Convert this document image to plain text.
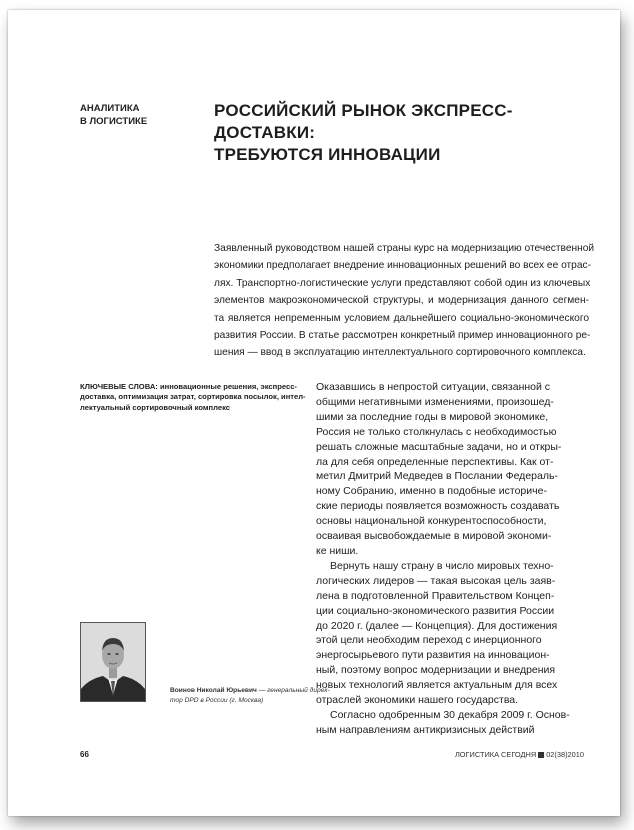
АНАЛИТИКА
В ЛОГИСТИКЕ
РОССИЙСКИЙ РЫНОК ЭКСПРЕСС-ДОСТАВКИ:
ТРЕБУЮТСЯ ИННОВАЦИИ
Заявленный руководством нашей страны курс на модернизацию отечественной
экономики предполагает внедрение инновационных решений во всех ее отрас-
лях. Транспортно-логистические услуги представляют собой один из ключевых
элементов макроэкономической структуры, и модернизация данного сегмен-
та является непременным условием дальнейшего социально-экономического
развития России. В статье рассмотрен конкретный пример инновационного ре-
шения — ввод в эксплуатацию интеллектуального сортировочного комплекса.
КЛЮЧЕВЫЕ СЛОВА: инновационные решения, экспресс-
доставка, оптимизация затрат, сортировка посылок, интел-
лектуальный сортировочный комплекс
Оказавшись в непростой ситуации, связанной с
общими негативными изменениями, произошед-
шими за последние годы в мировой экономике,
Россия не только столкнулась с необходимостью
решать сложные масштабные задачи, но и откры-
ла для себя определенные перспективы. Как от-
метил Дмитрий Медведев в Послании Федераль-
ному Собранию, именно в подобные историче-
ские периоды появляется возможность создавать
основы национальной конкурентоспособности,
осваивая высвобождаемые в мировой экономи-
ке ниши.
Вернуть нашу страну в число мировых техно-
логических лидеров — такая высокая цель заяв-
лена в подготовленной Правительством Концеп-
ции социально-экономического развития России
до 2020 г. (далее — Концепция). Для достижения
этой цели необходим переход с инерционного
энергосырьевого пути развития на инновацион-
ный, поэтому вопрос модернизации и внедрения
новых технологий является актуальным для всех
отраслей экономики нашего государства.
Согласно одобренным 30 декабря 2009 г. Основ-
ным направлениям антикризисных действий
Воинов Николай Юрьевич — генеральный дирек-
тор DPD в России (г. Москва)
66	ЛОГИСТИКА СЕГОДНЯ 02(38)2010
